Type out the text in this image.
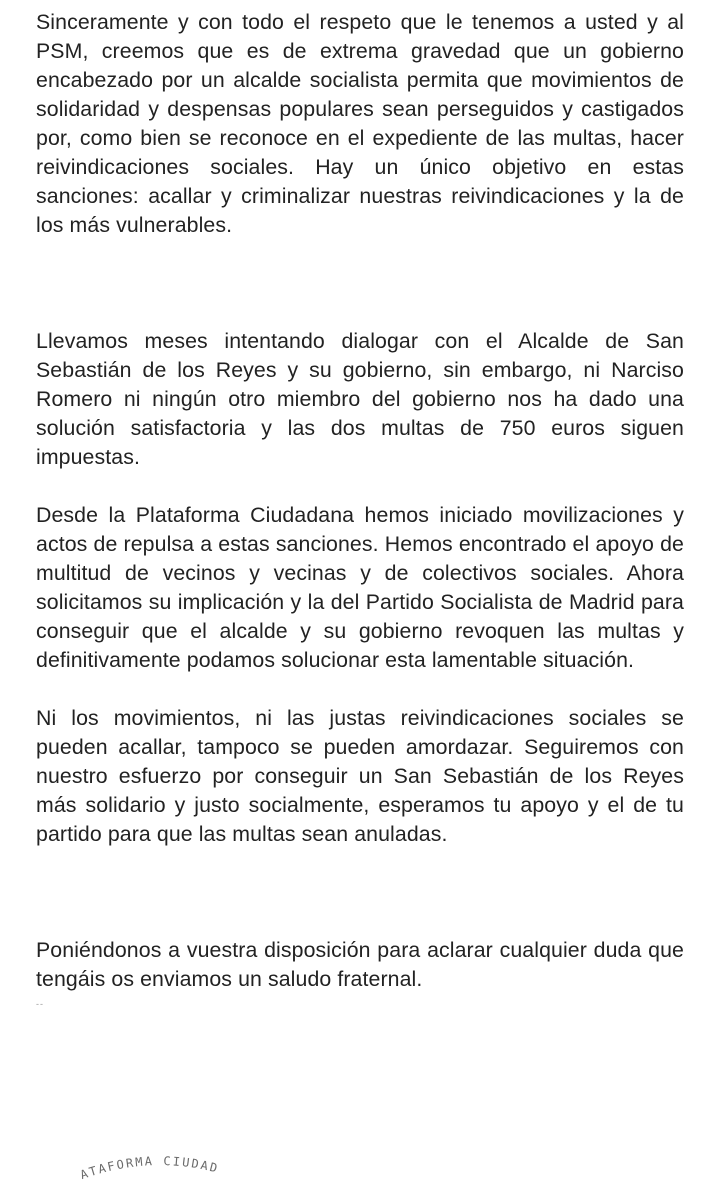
Sinceramente y con todo el respeto que le tenemos a usted y al PSM, creemos que es de extrema gravedad que un gobierno encabezado por un alcalde socialista permita que movimientos de solidaridad y despensas populares sean perseguidos y castigados por, como bien se reconoce en el expediente de las multas, hacer reivindicaciones sociales. Hay un único objetivo en estas sanciones: acallar y criminalizar nuestras reivindicaciones y la de los más vulnerables.

Llevamos meses intentando dialogar con el Alcalde de San Sebastián de los Reyes y su gobierno, sin embargo, ni Narciso Romero ni ningún otro miembro del gobierno nos ha dado una solución satisfactoria y las dos multas de 750 euros siguen impuestas.

Desde la Plataforma Ciudadana hemos iniciado movilizaciones y actos de repulsa a estas sanciones. Hemos encontrado el apoyo de multitud de vecinos y vecinas y de colectivos sociales. Ahora solicitamos su implicación y la del Partido Socialista de Madrid para conseguir que el alcalde y su gobierno revoquen las multas y definitivamente podamos solucionar esta lamentable situación.

Ni los movimientos, ni las justas reivindicaciones sociales se pueden acallar, tampoco se pueden amordazar. Seguiremos con nuestro esfuerzo por conseguir un San Sebastián de los Reyes más solidario y justo socialmente, esperamos tu apoyo y el de tu partido para que las multas sean anuladas.

Poniéndonos a vuestra disposición para aclarar cualquier duda que tengáis os enviamos un saludo fraternal.

--
ATAFORMA CIUDAD
